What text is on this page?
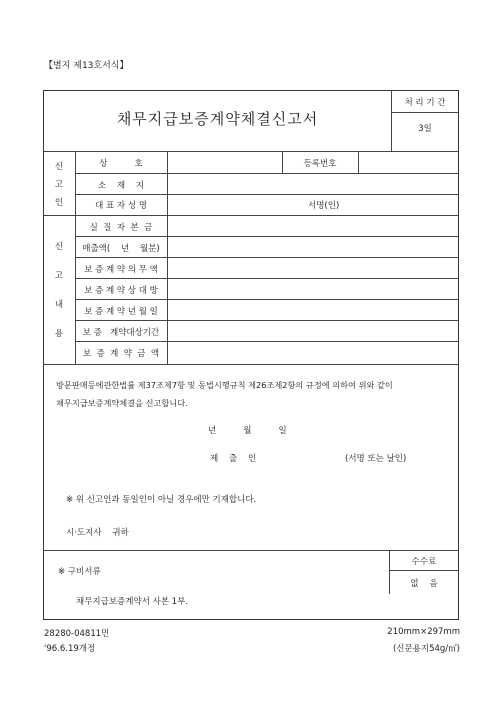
【별지 제13호서식】
채무지급보증계약체결신고서
처 리 기 간
3일
신
고
인
상          호	등록번호
소    재    지
대 표 자 성 명	서명(인)
신
고
내
용
실  질  자  본  금
매출액(    년    월분)
보 증 계 약 의 무 액
보 증 계 약 상 대 방
보 증 계 약 년 월 일
보 증   계약대상기간
보  증  계  약  금  액
방문판매등에관한법률 제37조제7항 및 동법시행규칙 제26조제2항의 규정에 의하여 위와 같이
채무지급보증계약체결을 신고합니다.
년          월          일
제    출    인	(서명 또는 날인)
※ 위 신고인과 동일인이 아닐 경우에만 기재합니다.
시·도지사    귀하
※ 구비서류
수수료
없    음
채무지급보증계약서 사본 1부.
28280-04811민
'96.6.19개정
210mm×297mm
(신문용지54g/㎡)
